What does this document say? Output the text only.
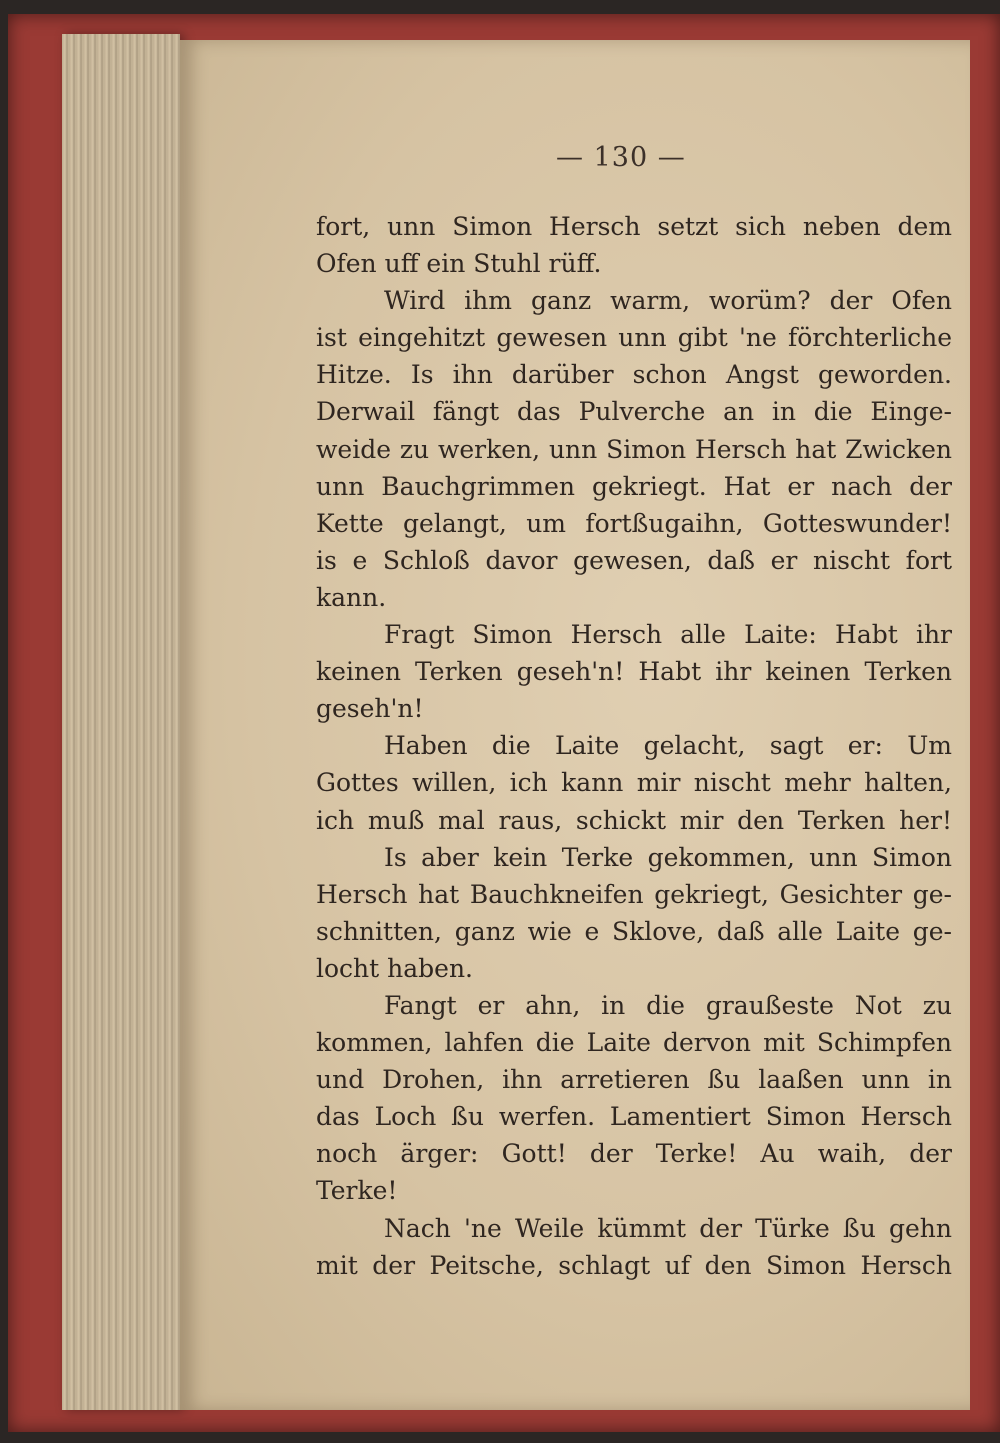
— 130 —
fort, unn Simon Hersch setzt sich neben dem
Ofen uff ein Stuhl rüff.
Wird ihm ganz warm, worüm? der Ofen
ist eingehitzt gewesen unn gibt 'ne förchterliche
Hitze. Is ihn darüber schon Angst geworden.
Derwail fängt das Pulverche an in die Einge-
weide zu werken, unn Simon Hersch hat Zwicken
unn Bauchgrimmen gekriegt. Hat er nach der
Kette gelangt, um fortßugaihn, Gotteswunder!
is e Schloß davor gewesen, daß er nischt fort
kann.
Fragt Simon Hersch alle Laite: Habt ihr
keinen Terken geseh'n! Habt ihr keinen Terken
geseh'n!
Haben die Laite gelacht, sagt er: Um
Gottes willen, ich kann mir nischt mehr halten,
ich muß mal raus, schickt mir den Terken her!
Is aber kein Terke gekommen, unn Simon
Hersch hat Bauchkneifen gekriegt, Gesichter ge-
schnitten, ganz wie e Sklove, daß alle Laite ge-
locht haben.
Fangt er ahn, in die graußeste Not zu
kommen, lahfen die Laite dervon mit Schimpfen
und Drohen, ihn arretieren ßu laaßen unn in
das Loch ßu werfen. Lamentiert Simon Hersch
noch ärger: Gott! der Terke! Au waih, der
Terke!
Nach 'ne Weile kümmt der Türke ßu gehn
mit der Peitsche, schlagt uf den Simon Hersch
